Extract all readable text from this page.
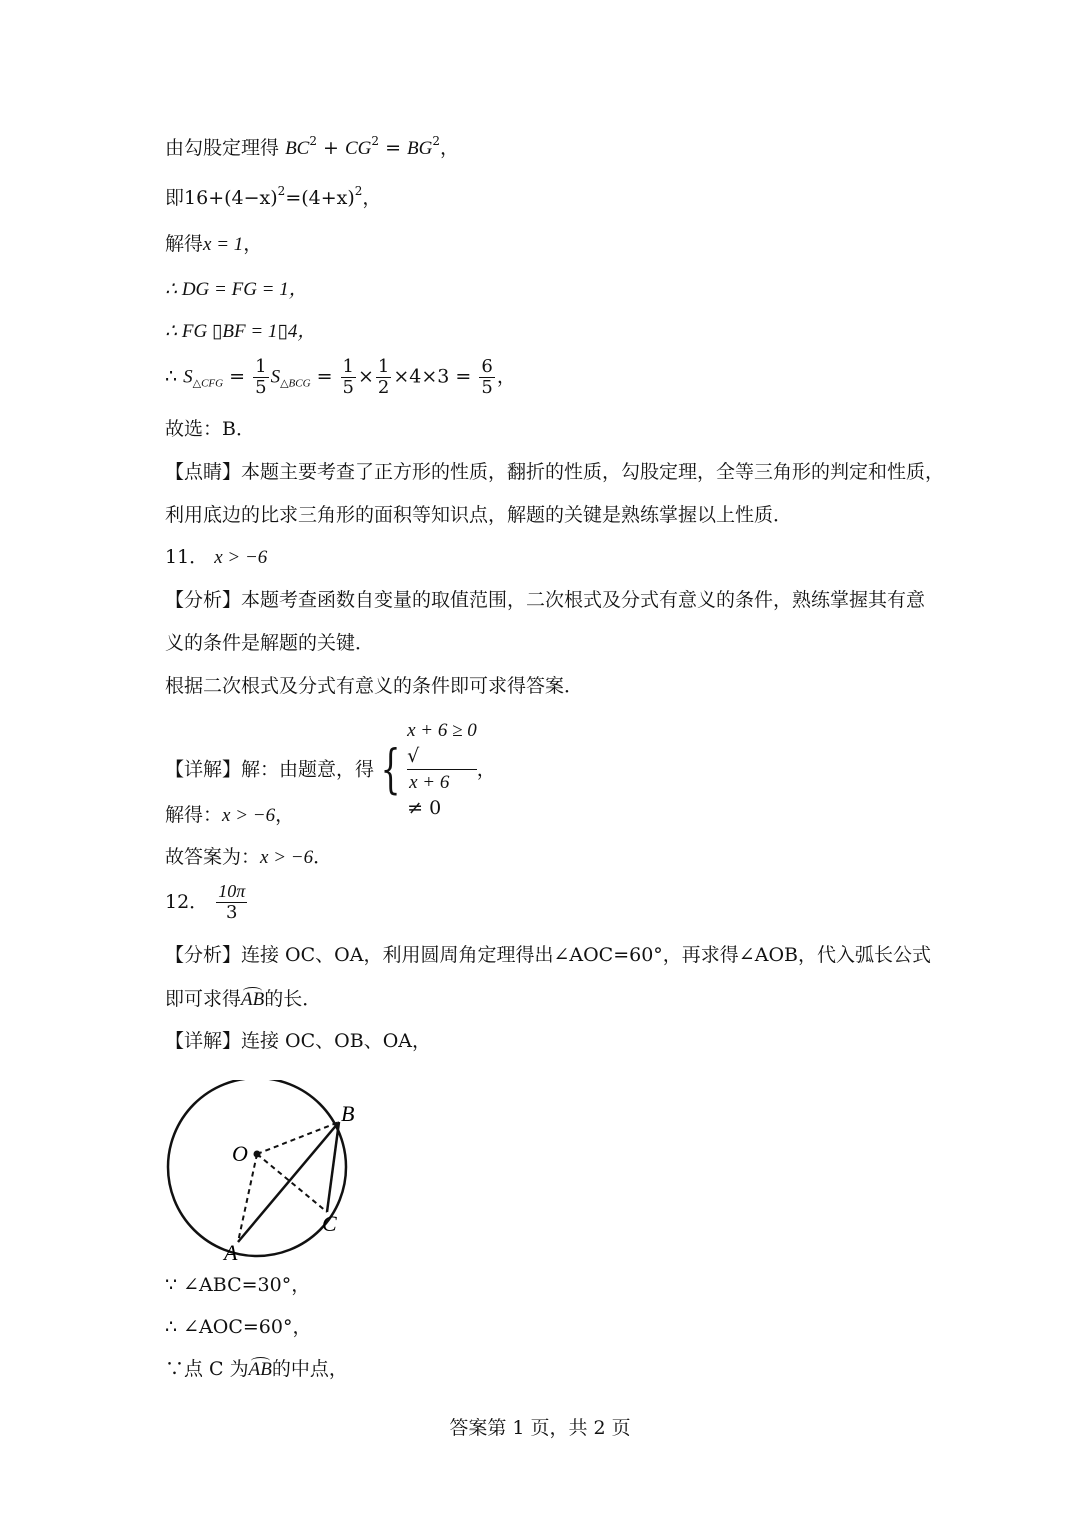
由勾股定理得 $BC^2 + CG^2 = BG^2$，
即$16+(4-x)^2=(4+x)^2$，
解得x = 1，
∴ DG = FG = 1，
∴ FG ▯BF = 1▯4，
∴ $S_{\triangle CFG} = \frac{1}{5} S_{\triangle BCG} = \frac{1}{5} \times \frac{1}{2} \times 4\times 3 = \frac{6}{5}$ ，
故选：B．
【点睛】本题主要考查了正方形的性质，翻折的性质，勾股定理，全等三角形的判定和性质，
利用底边的比求三角形的面积等知识点，解题的关键是熟练掌握以上性质．
11． x > −6
【分析】本题考查函数自变量的取值范围，二次根式及分式有意义的条件，熟练掌握其有意
义的条件是解题的关键．
根据二次根式及分式有意义的条件即可求得答案．
【详解】解：由题意，得 {
x + 6 ≥ 0
√
x + 6
≠ 0
，
解得：x > −6，
故答案为：x > −6．
12． $\frac{10\pi}{3}$
【分析】连接 OC、OA，利用圆周角定理得出∠AOC=60°，再求得∠AOB，代入弧长公式
即可求得AB的长．
【详解】连接 OC、OB、OA，
O
A
B
C
∵ ∠ABC=30°，
∴ ∠AOC=60°，
∵点 C 为AB的中点，
答案第 1 页，共 2 页
